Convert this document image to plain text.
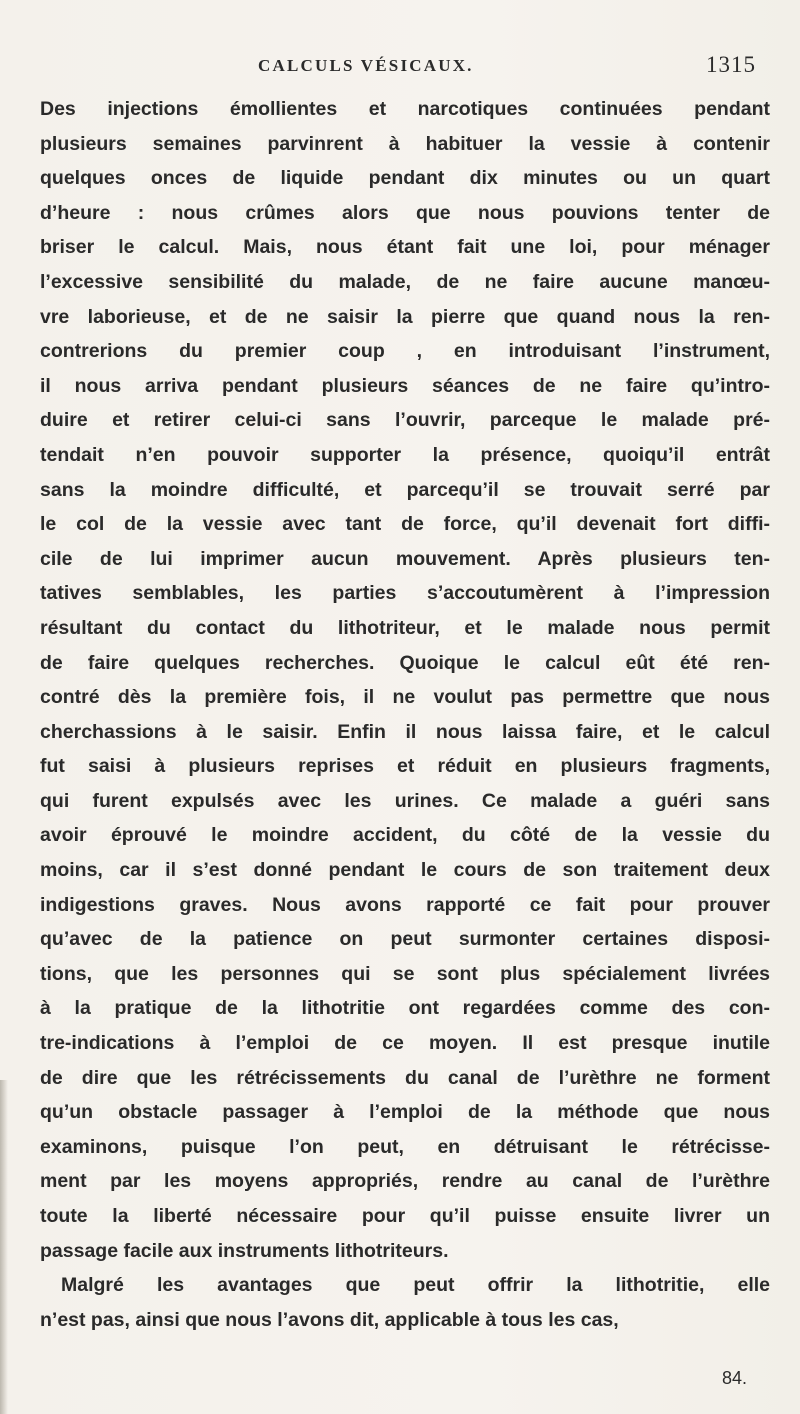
CALCULS VÉSICAUX.	1315
Des injections émollientes et narcotiques continuées pendant
plusieurs semaines parvinrent à habituer la vessie à contenir
quelques onces de liquide pendant dix minutes ou un quart
d’heure : nous crûmes alors que nous pouvions tenter de
briser le calcul. Mais, nous étant fait une loi, pour ménager
l’excessive sensibilité du malade, de ne faire aucune manœu-
vre laborieuse, et de ne saisir la pierre que quand nous la ren-
contrerions du premier coup , en introduisant l’instrument,
il nous arriva pendant plusieurs séances de ne faire qu’intro-
duire et retirer celui-ci sans l’ouvrir, parceque le malade pré-
tendait n’en pouvoir supporter la présence, quoiqu’il entrât
sans la moindre difficulté, et parcequ’il se trouvait serré par
le col de la vessie avec tant de force, qu’il devenait fort diffi-
cile de lui imprimer aucun mouvement. Après plusieurs ten-
tatives semblables, les parties s’accoutumèrent à l’impression
résultant du contact du lithotriteur, et le malade nous permit
de faire quelques recherches. Quoique le calcul eût été ren-
contré dès la première fois, il ne voulut pas permettre que nous
cherchassions à le saisir. Enfin il nous laissa faire, et le calcul
fut saisi à plusieurs reprises et réduit en plusieurs fragments,
qui furent expulsés avec les urines. Ce malade a guéri sans
avoir éprouvé le moindre accident, du côté de la vessie du
moins, car il s’est donné pendant le cours de son traitement deux
indigestions graves. Nous avons rapporté ce fait pour prouver
qu’avec de la patience on peut surmonter certaines disposi-
tions, que les personnes qui se sont plus spécialement livrées
à la pratique de la lithotritie ont regardées comme des con-
tre-indications à l’emploi de ce moyen. Il est presque inutile
de dire que les rétrécissements du canal de l’urèthre ne forment
qu’un obstacle passager à l’emploi de la méthode que nous
examinons, puisque l’on peut, en détruisant le rétrécisse-
ment par les moyens appropriés, rendre au canal de l’urèthre
toute la liberté nécessaire pour qu’il puisse ensuite livrer un
passage facile aux instruments lithotriteurs.
Malgré les avantages que peut offrir la lithotritie, elle
n’est pas, ainsi que nous l’avons dit, applicable à tous les cas,
84.
